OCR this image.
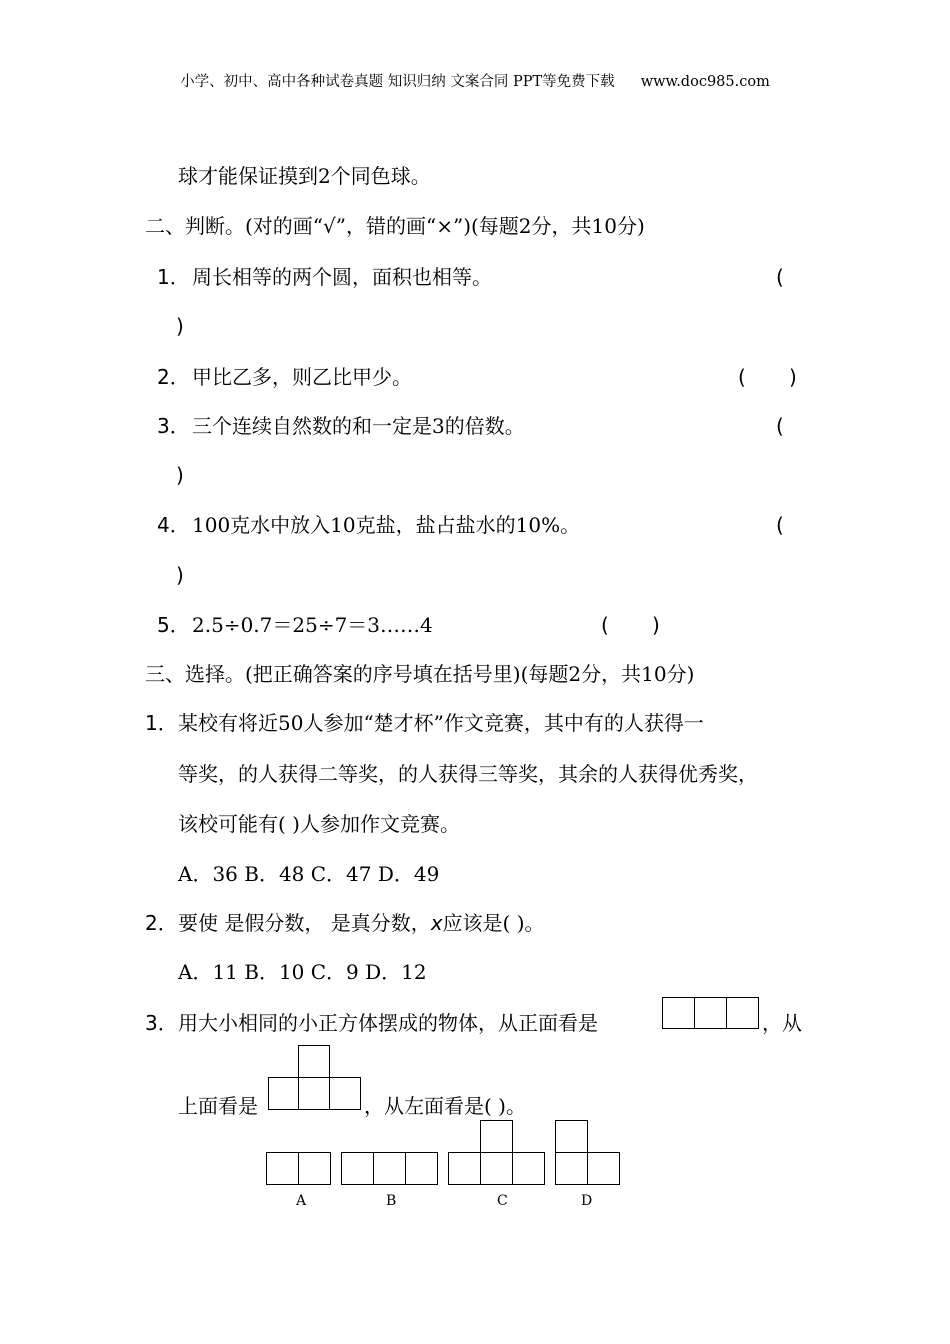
小学、初中、高中各种试卷真题 知识归纳 文案合同 PPT等免费下载 www.doc985.com
球才能保证摸到2个同色球。
二、判断。(对的画“√”，错的画“×”)(每题2分，共10分)
1． 周长相等的两个圆，面积也相等。	(
)
2． 甲比乙多，则乙比甲少。	( )
3． 三个连续自然数的和一定是3的倍数。	(
)
4． 100克水中放入10克盐，盐占盐水的10%。	(
)
5． 2.5÷0.7＝25÷7＝3……4	( )
三、选择。(把正确答案的序号填在括号里)(每题2分，共10分)
1． 某校有将近50人参加“楚才杯”作文竞赛，其中有的人获得一
等奖，的人获得二等奖，的人获得三等奖，其余的人获得优秀奖，
该校可能有( )人参加作文竞赛。
A．36 B．48 C．47 D．49
2． 要使 是假分数， 是真分数，x应该是( )。
A．11 B．10 C．9 D．12
3． 用大小相同的小正方体摆成的物体，从正面看是	，从
上面看是	，从左面看是( )。
A	B	C	D
